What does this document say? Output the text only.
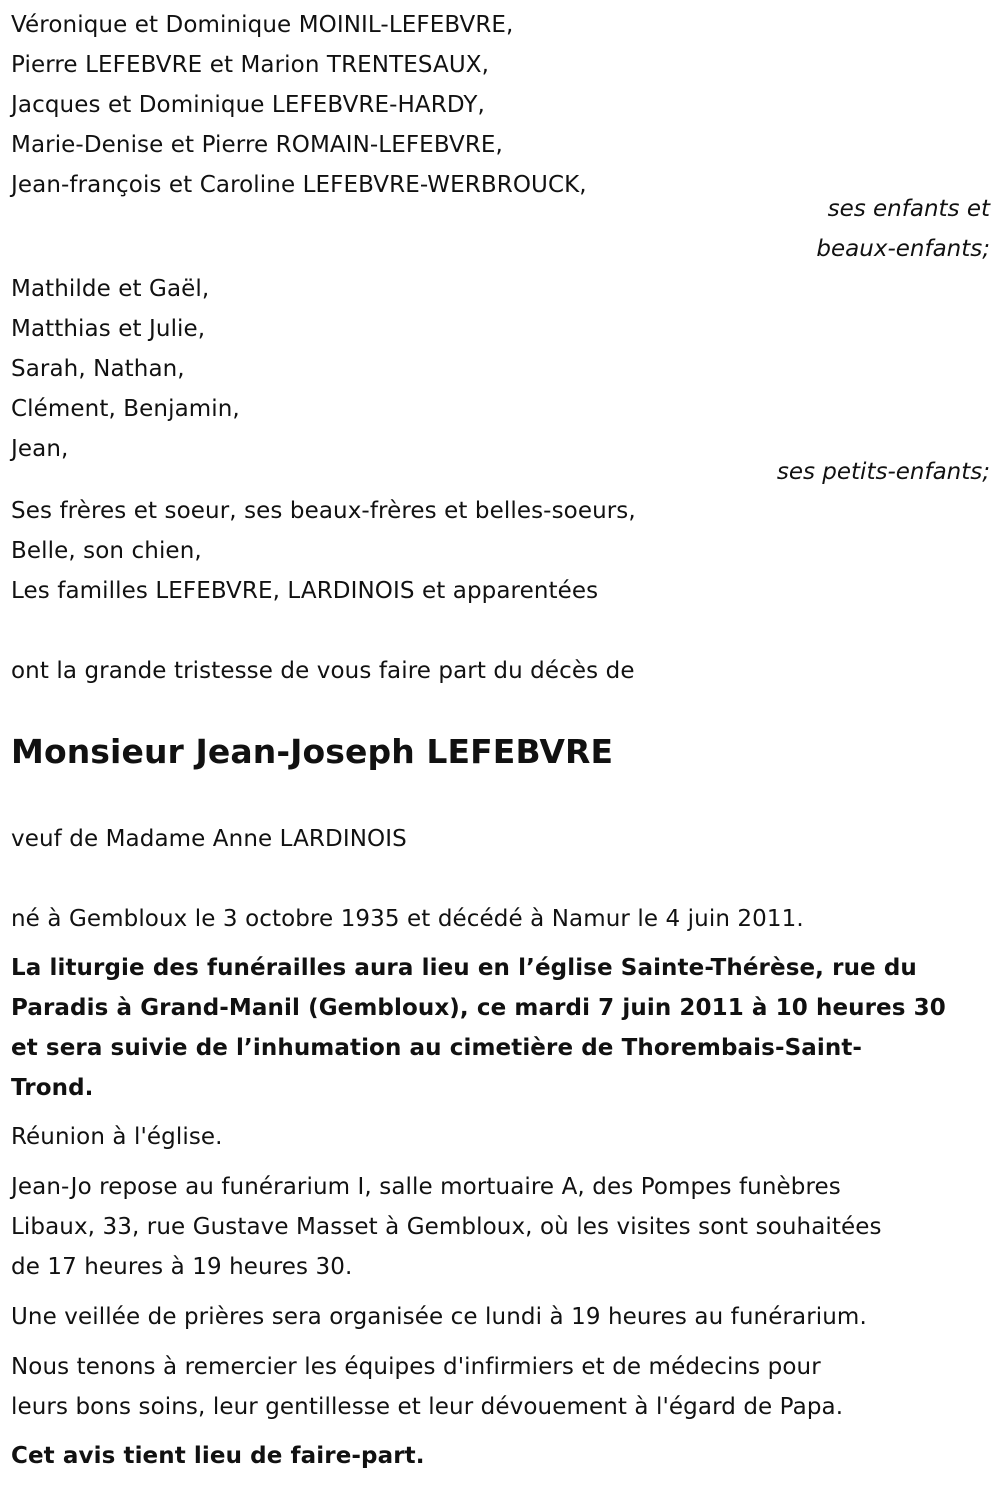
Véronique et Dominique MOINIL-LEFEBVRE,
Pierre LEFEBVRE et Marion TRENTESAUX,
Jacques et Dominique LEFEBVRE-HARDY,
Marie-Denise et Pierre ROMAIN-LEFEBVRE,
Jean-françois et Caroline LEFEBVRE-WERBROUCK,
ses enfants et
beaux-enfants;
Mathilde et Gaël,
Matthias et Julie,
Sarah, Nathan,
Clément, Benjamin,
Jean,
ses petits-enfants;
Ses frères et soeur, ses beaux-frères et belles-soeurs,
Belle, son chien,
Les familles LEFEBVRE, LARDINOIS et apparentées
ont la grande tristesse de vous faire part du décès de
Monsieur Jean-Joseph LEFEBVRE
veuf de Madame Anne LARDINOIS
né à Gembloux le 3 octobre 1935 et décédé à Namur le 4 juin 2011.
La liturgie des funérailles aura lieu en l’église Sainte-Thérèse, rue du
Paradis à Grand-Manil (Gembloux), ce mardi 7 juin 2011 à 10 heures 30
et sera suivie de l’inhumation au cimetière de Thorembais-Saint-
Trond.
Réunion à l'église.
Jean-Jo repose au funérarium I, salle mortuaire A, des Pompes funèbres
Libaux, 33, rue Gustave Masset à Gembloux, où les visites sont souhaitées
de 17 heures à 19 heures 30.
Une veillée de prières sera organisée ce lundi à 19 heures au funérarium.
Nous tenons à remercier les équipes d'infirmiers et de médecins pour
leurs bons soins, leur gentillesse et leur dévouement à l'égard de Papa.
Cet avis tient lieu de faire-part.
